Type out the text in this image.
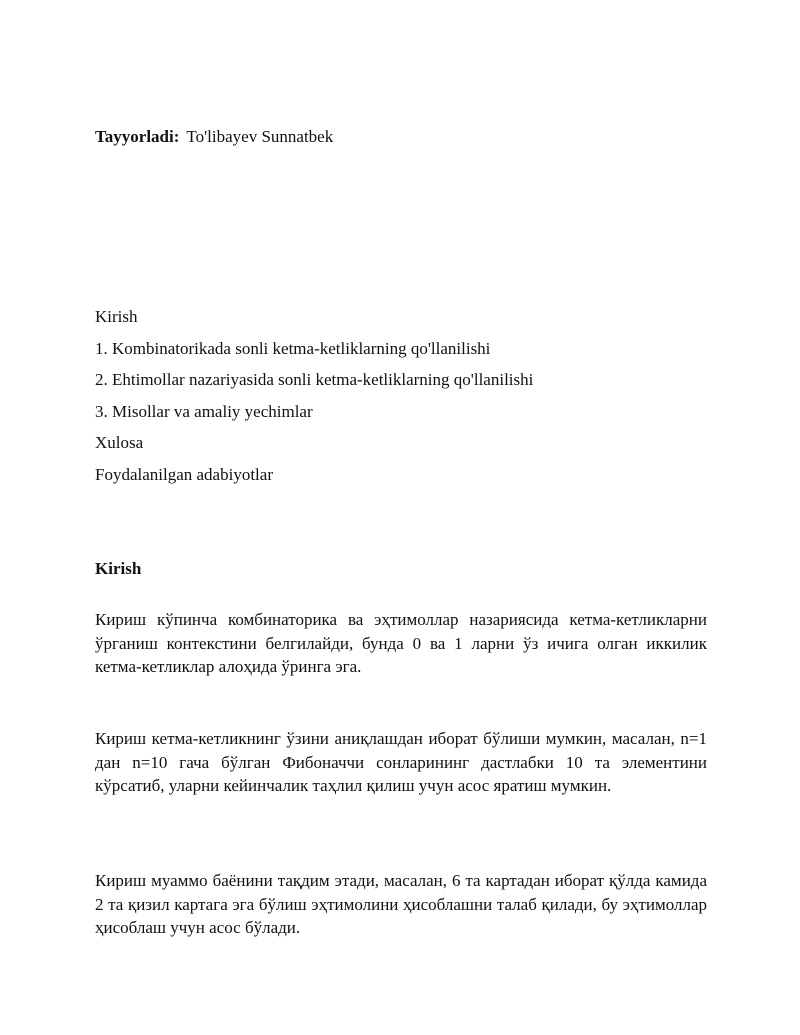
Tayyorladi: To'libayev Sunnatbek
Kirish
1. Kombinatorikada sonli ketma-ketliklarning qo'llanilishi
2. Ehtimollar nazariyasida sonli ketma-ketliklarning qo'llanilishi
3. Misollar va amaliy yechimlar
Xulosa
Foydalanilgan adabiyotlar
Kirish

Кириш кўпинча комбинаторика ва эҳтимоллар назариясида кетма-кетликларни ўрганиш контекстини белгилайди, бунда 0 ва 1 ларни ўз ичига олган иккилик кетма-кетликлар алоҳида ўринга эга.

Кириш кетма-кетликнинг ўзини аниқлашдан иборат бўлиши мумкин, масалан, n=1 дан n=10 гача бўлган Фибоначчи сонларининг дастлабки 10 та элементини кўрсатиб, уларни кейинчалик таҳлил қилиш учун асос яратиш мумкин.

Кириш муаммо баёнини тақдим этади, масалан, 6 та картадан иборат қўлда камида 2 та қизил картага эга бўлиш эҳтимолини ҳисоблашни талаб қилади, бу эҳтимоллар ҳисоблаш учун асос бўлади.
